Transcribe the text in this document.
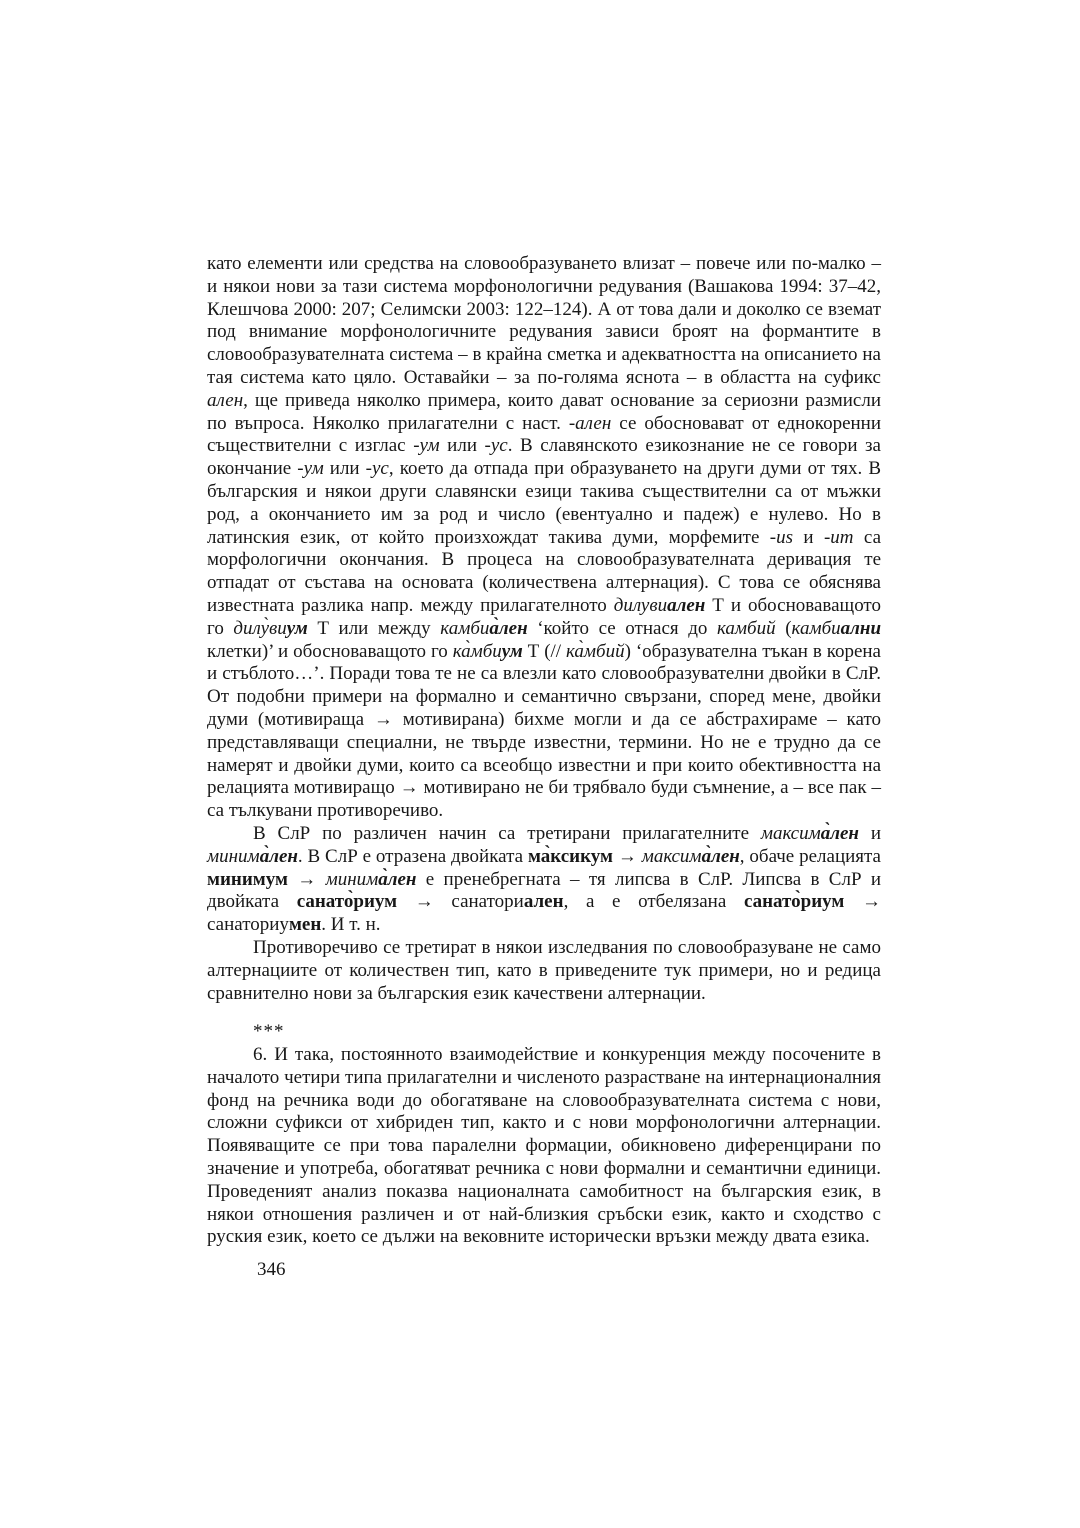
като елементи или средства на словообразуването влизат – повече или по-малко – и някои нови за тази система морфонологични редувания (Вашакова 1994: 37–42, Клешчова 2000: 207; Селимски 2003: 122–124). А от това дали и доколко се вземат под внимание морфонологичните редувания зависи броят на формантите в словообразувателната система – в крайна сметка и адекватността на описанието на тая система като цяло. Оставайки – за по-голяма яснота – в областта на суфикс ален, ще приведа няколко примера, които дават основание за сериозни размисли по въпроса. Няколко прилагателни с наст. -ален се обосновават от еднокоренни съществителни с изглас -ум или -ус. В славянското езикознание не се говори за окончание -ум или -ус, което да отпада при образуването на други думи от тях. В българския и някои други славянски езици такива съществителни са от мъжки род, а окончанието им за род и число (евентуално и падеж) е нулево. Но в латинския език, от който произхождат такива думи, морфемите -us и -um са морфологични окончания. В процеса на словообразувателната деривация те отпадат от състава на основата (количествена алтернация). С това се обяснява известната разлика напр. между прилагателното дилувиален Т и обосноваващото го дилу̀виум Т или между камбиа̀лен ‘който се отнася до камбий (камбиални клетки)’ и обосноваващото го ка̀мбиум Т (// ка̀мбий) ‘образувателна тъкан в корена и стъблото…’. Поради това те не са влезли като словообразувателни двойки в СлР. От подобни примери на формално и семантично свързани, според мене, двойки думи (мотивираща → мотивирана) бихме могли и да се абстрахираме – като представляващи специални, не твърде известни, термини. Но не е трудно да се намерят и двойки думи, които са всеобщо известни и при които обективността на релацията мотивиращо → мотивирано не би трябвало буди съмнение, а – все пак – са тълкувани противоречиво.

В СлР по различен начин са третирани прилагателните максима̀лен и минима̀лен. В СлР е отразена двойката ма̀ксикум → максима̀лен, обаче релацията минимум → минима̀лен е пренебрегната – тя липсва в СлР. Липсва в СлР и двойката санато̀риум → санаториален, а е отбелязана санато̀риум → санаториумен. И т. н.

Противоречиво се третират в някои изследвания по словообразуване не само алтернациите от количествен тип, като в приведените тук примери, но и редица сравнително нови за българския език качествени алтернации.

***

6. И така, постоянното взаимодействие и конкуренция между посочените в началото четири типа прилагателни и численото разрастване на интернационалния фонд на речника води до обогатяване на словообразувателната система с нови, сложни суфикси от хибриден тип, както и с нови морфонологични алтернации. Появяващите се при това паралелни формации, обикновено диференцирани по значение и употреба, обогатяват речника с нови формални и семантични единици. Проведеният анализ показва националната самобитност на българския език, в някои отношения различен и от най-близкия сръбски език, както и сходство с руския език, което се дължи на вековните исторически връзки между двата езика.

346
